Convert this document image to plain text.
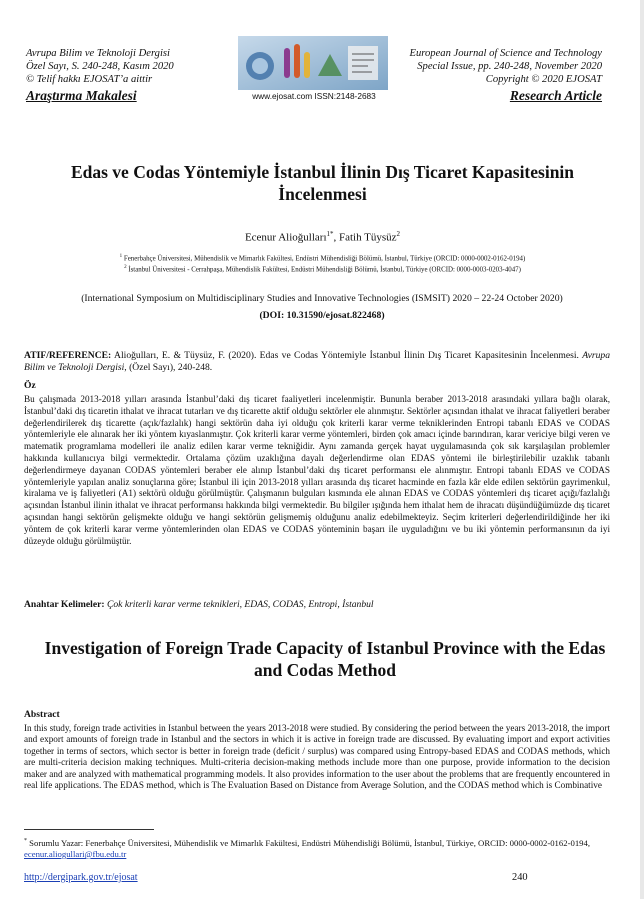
Avrupa Bilim ve Teknoloji Dergisi
Özel Sayı, S. 240-248, Kasım 2020
© Telif hakkı EJOSAT’a aittir
Araştırma Makalesi	www.ejosat.com ISSN:2148-2683
European Journal of Science and Technology
Special Issue, pp. 240-248, November 2020
Copyright © 2020 EJOSAT
Research Article
Edas ve Codas Yöntemiyle İstanbul İlinin Dış Ticaret Kapasitesinin İncelenmesi
Ecenur Alioğulları$^{1*}$, Fatih Tüysüz$^2$
$^1$ Fenerbahçe Üniversitesi, Mühendislik ve Mimarlık Fakültesi, Endüstri Mühendisliği Bölümü, İstanbul, Türkiye (ORCID: 0000-0002-0162-0194)
$^2$ İstanbul Üniversitesi - Cerrahpaşa, Mühendislik Fakültesi, Endüstri Mühendisliği Bölümü, İstanbul, Türkiye (ORCID: 0000-0003-0203-4047)
(International Symposium on Multidisciplinary Studies and Innovative Technologies (ISMSIT) 2020 – 22-24 October 2020)
(DOI: 10.31590/ejosat.822468)
ATIF/REFERENCE: Alioğulları, E. & Tüysüz, F. (2020). Edas ve Codas Yöntemiyle İstanbul İlinin Dış Ticaret Kapasitesinin İncelenmesi. Avrupa Bilim ve Teknoloji Dergisi, (Özel Sayı), 240-248.
Öz
Bu çalışmada 2013-2018 yılları arasında İstanbul’daki dış ticaret faaliyetleri incelenmiştir. Bununla beraber 2013-2018 arasındaki yıllara bağlı olarak, İstanbul’daki dış ticaretin ithalat ve ihracat tutarları ve dış ticarette aktif olduğu sektörler ele alınmıştır. Sektörler açısından ithalat ve ihracat faliyetleri beraber değerlendirilerek dış ticarette (açık/fazlalık) hangi sektörün daha iyi olduğu çok kriterli karar verme tekniklerinden Entropi tabanlı EDAS ve CODAS yöntemleriyle ele alınarak her iki yöntem kıyaslanmıştır. Çok kriterli karar verme yöntemleri, birden çok amacı içinde barındıran, karar vericiye bilgi veren ve matematik programlama modelleri ile analiz edilen karar verme tekniğidir. Aynı zamanda gerçek hayat uygulamasında çok sık karşılaşılan problemler hakkında kullanıcıya bilgi vermektedir. Ortalama çözüm uzaklığına dayalı değerlendirme olan EDAS yöntemi ile birleştirilebilir uzaklık tabanlı değerlendirmeye dayanan CODAS yöntemleri beraber ele alınıp İstanbul’daki dış ticaret performansı ele alınmıştır. Entropi tabanlı EDAS ve CODAS yöntemleriyle yapılan analiz sonuçlarına göre; İstanbul ili için 2013-2018 yılları arasında dış ticaret hacminde en fazla kâr elde edilen sektörün gayrimenkul, kiralama ve iş faliyetleri (A1) sektörü olduğu görülmüştür. Çalışmanın bulguları kısmında ele alınan EDAS ve CODAS yöntemleri dış ticaret açığı/fazlalığı açısından İstanbul ilinin ithalat ve ihracat performansı hakkında bilgi vermektedir. Bu bilgiler ışığında hem ithalat hem de ihracatı düşündüğümüzde dış ticaret açısından hangi sektörün gelişmekte olduğu ve hangi sektörün gelişmemiş olduğunu analiz edebilmekteyiz. Seçim kriterleri değerlendirildiğinde her iki yöntem de çok kriterli karar verme yöntemlerinden olan EDAS ve CODAS yönteminin başarı ile uyguladığını ve bu iki yöntemin performansının da iyi düzeyde olduğu görülmüştür.
Anahtar Kelimeler: Çok kriterli karar verme teknikleri, EDAS, CODAS, Entropi, İstanbul
Investigation of Foreign Trade Capacity of Istanbul Province with the Edas and Codas Method
Abstract
In this study, foreign trade activities in Istanbul between the years 2013-2018 were studied. By considering the period between the years 2013-2018, the import and export amounts of foreign trade in Istanbul and the sectors in which it is active in foreign trade are discussed. By evaluating import and export activities together in terms of sectors, which sector is better in foreign trade (deficit / surplus) was compared using Entropy-based EDAS and CODAS methods, which are multi-criteria decision making techniques. Multi-criteria decision-making methods include more than one purpose, provide information to the decision maker and are analyzed with mathematical programming models. It also provides information to the user about the problems that are frequently encountered in real life applications. The EDAS method, which is The Evaluation Based on Distance from Average Solution, and the CODAS method which is Combinative
* Sorumlu Yazar: Fenerbahçe Üniversitesi, Mühendislik ve Mimarlık Fakültesi, Endüstri Mühendisliği Bölümü, İstanbul, Türkiye, ORCID: 0000-0002-0162-0194, ecenur.aliogullari@fbu.edu.tr
http://dergipark.gov.tr/ejosat	240
